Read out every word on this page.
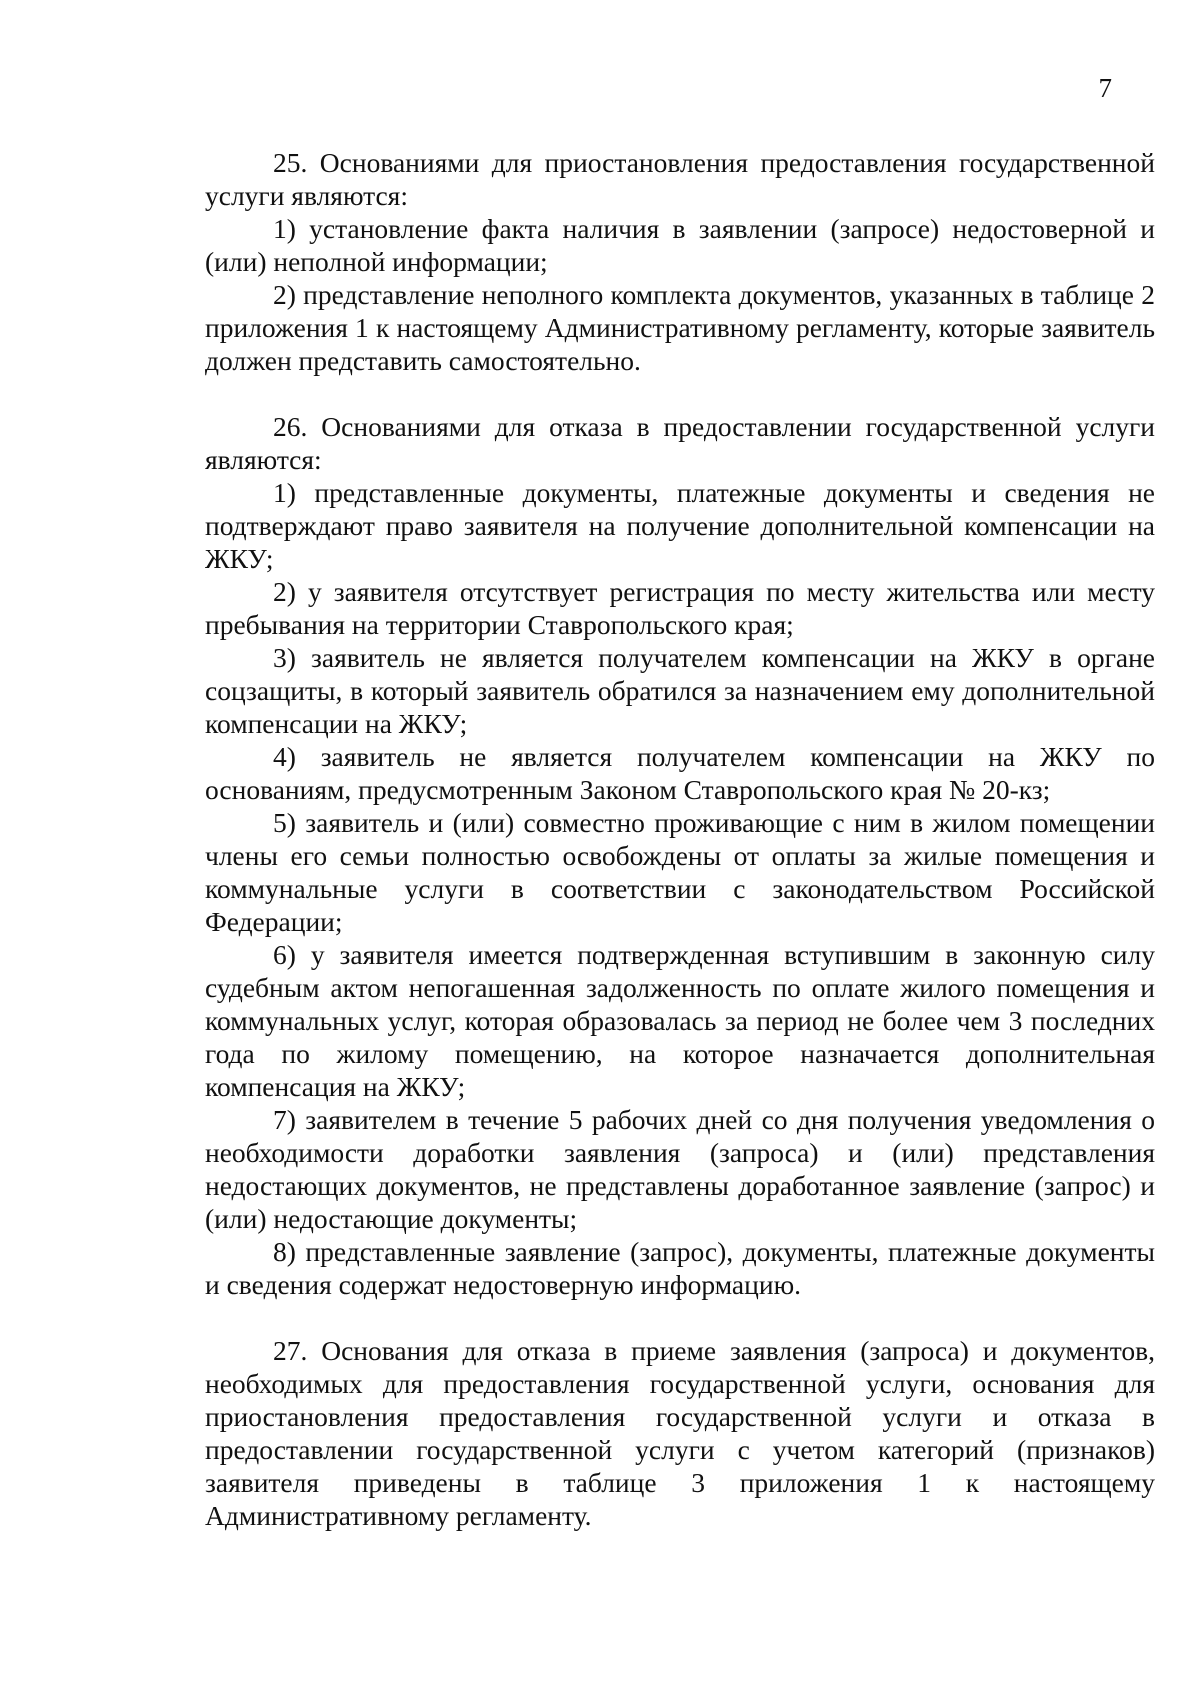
7

25. Основаниями для приостановления предоставления государственной услуги являются:

1) установление факта наличия в заявлении (запросе) недостоверной и (или) неполной информации;

2) представление неполного комплекта документов, указанных в таблице 2 приложения 1 к настоящему Административному регламенту, которые заявитель должен представить самостоятельно.

26. Основаниями для отказа в предоставлении государственной услуги являются:

1) представленные документы, платежные документы и сведения не подтверждают право заявителя на получение дополнительной компенсации на ЖКУ;

2) у заявителя отсутствует регистрация по месту жительства или месту пребывания на территории Ставропольского края;

3) заявитель не является получателем компенсации на ЖКУ в органе соцзащиты, в который заявитель обратился за назначением ему дополнительной компенсации на ЖКУ;

4) заявитель не является получателем компенсации на ЖКУ по основаниям, предусмотренным Законом Ставропольского края № 20-кз;

5) заявитель и (или) совместно проживающие с ним в жилом помещении члены его семьи полностью освобождены от оплаты за жилые помещения и коммунальные услуги в соответствии с законодательством Российской Федерации;

6) у заявителя имеется подтвержденная вступившим в законную силу судебным актом непогашенная задолженность по оплате жилого помещения и коммунальных услуг, которая образовалась за период не более чем 3 последних года по жилому помещению, на которое назначается дополнительная компенсация на ЖКУ;

7) заявителем в течение 5 рабочих дней со дня получения уведомления о необходимости доработки заявления (запроса) и (или) представления недостающих документов, не представлены доработанное заявление (запрос) и (или) недостающие документы;

8) представленные заявление (запрос), документы, платежные документы и сведения содержат недостоверную информацию.

27. Основания для отказа в приеме заявления (запроса) и документов, необходимых для предоставления государственной услуги, основания для приостановления предоставления государственной услуги и отказа в предоставлении государственной услуги с учетом категорий (признаков) заявителя приведены в таблице 3 приложения 1 к настоящему Административному регламенту.
